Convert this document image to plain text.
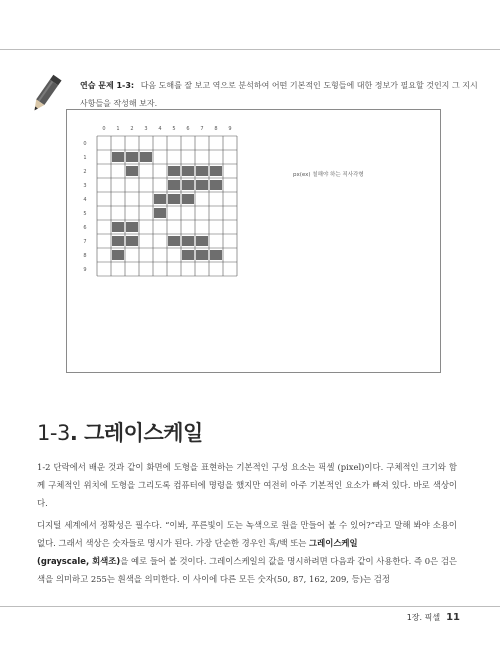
연습 문제 1-3: 다음 도해를 잘 보고 역으로 분석하여 어떤 기본적인 도형들에 대한 정보가 필요할 것인지 그 지시사항들을 작성해 보자.
0 1 2 3 4 5 6 7 8 9
0
1
2
3
4
5
6
7
8
9
px(ex) 칠해야 하는 직사각형
1-3. 그레이스케일

1-2 단락에서 배운 것과 같이 화면에 도형을 표현하는 기본적인 구성 요소는 픽셀 (pixel)이다. 구체적인 크기와 함께 구체적인 위치에 도형을 그리도록 컴퓨터에 명령을 했지만 여전히 아주 기본적인 요소가 빠져 있다. 바로 색상이다.

디지털 세계에서 정확성은 필수다. “이봐, 푸른빛이 도는 녹색으로 원을 만들어 볼 수 있어?”라고 말해 봐야 소용이 없다. 그래서 색상은 숫자들로 명시가 된다. 가장 단순한 경우인 흑/백 또는 그레이스케일
(grayscale, 회색조)을 예로 들어 볼 것이다. 그레이스케일의 값을 명시하려면 다음과 같이 사용한다. 즉 0은 검은색을 의미하고 255는 흰색을 의미한다. 이 사이에 다른 모든 숫자(50, 87, 162, 209, 등)는 검정

1장. 픽셀 11
